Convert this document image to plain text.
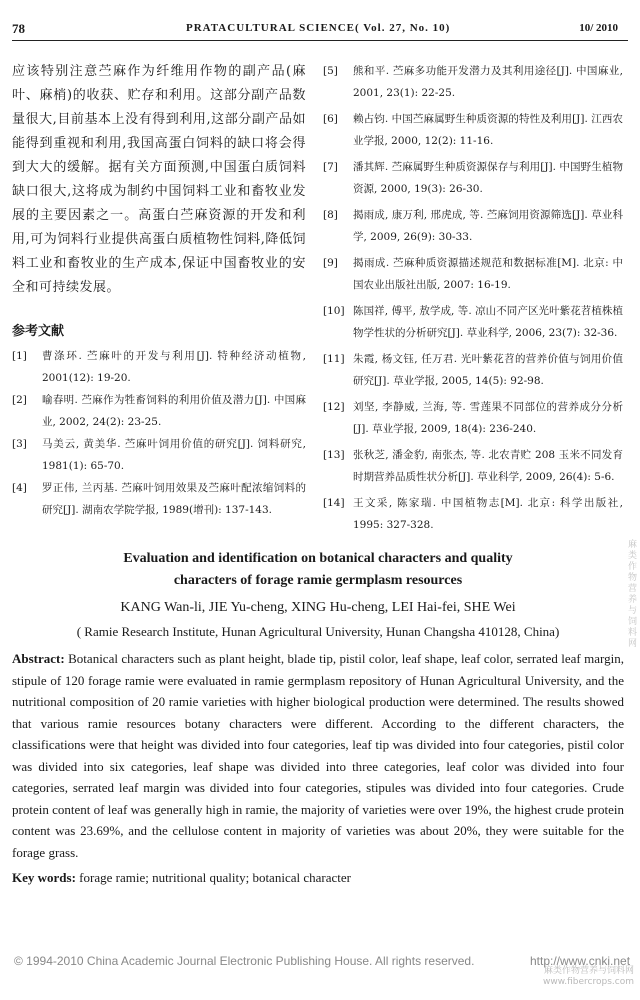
78	PRATACULTURAL SCIENCE( Vol. 27, No. 10)	10/ 2010
应该特别注意苎麻作为纤维用作物的副产品(麻叶、麻梢)的收获、贮存和利用。这部分副产品数量很大,目前基本上没有得到利用,这部分副产品如能得到重视和利用,我国高蛋白饲料的缺口将会得到大大的缓解。据有关方面预测,中国蛋白质饲料缺口很大,这将成为制约中国饲料工业和畜牧业发展的主要因素之一。高蛋白苎麻资源的开发和利用,可为饲料行业提供高蛋白质植物性饲料,降低饲料工业和畜牧业的生产成本,保证中国畜牧业的安全和可持续发展。
参考文献
[1] 曹涤环. 苎麻叶的开发与利用[J]. 特种经济动植物, 2001(12): 19-20.
[2] 喻春明. 苎麻作为牲畜饲料的利用价值及潜力[J]. 中国麻业, 2002, 24(2): 23-25.
[3] 马美云, 黄美华. 苎麻叶饲用价值的研究[J]. 饲料研究, 1981(1): 65-70.
[4] 罗正伟, 兰丙基. 苎麻叶饲用效果及苎麻叶配浓缩饲料的研究[J]. 湖南农学院学报, 1989(增刊): 137-143.
[5] 熊和平. 苎麻多功能开发潜力及其利用途径[J]. 中国麻业, 2001, 23(1): 22-25.
[6] 赖占钧. 中国苎麻属野生种质资源的特性及利用[J]. 江西农业学报, 2000, 12(2): 11-16.
[7] 潘其辉. 苎麻属野生种质资源保存与利用[J]. 中国野生植物资源, 2000, 19(3): 26-30.
[8] 揭雨成, 康万利, 邢虎成, 等. 苎麻饲用资源筛选[J]. 草业科学, 2009, 26(9): 30-33.
[9] 揭雨成. 苎麻种质资源描述规范和数据标准[M]. 北京: 中国农业出版社出版, 2007: 16-19.
[10] 陈国祥, 傅平, 敖学成, 等. 凉山不同产区光叶紫花苕植株植物学性状的分析研究[J]. 草业科学, 2006, 23(7): 32-36.
[11] 朱霞, 杨文钰, 任万君. 光叶紫花苕的营养价值与饲用价值研究[J]. 草业学报, 2005, 14(5): 92-98.
[12] 刘坚, 李静威, 兰海, 等. 雪莲果不同部位的营养成分分析[J]. 草业学报, 2009, 18(4): 236-240.
[13] 张秋芝, 潘金豹, 南张杰, 等. 北农青贮 208 玉米不同发育时期营养品质性状分析[J]. 草业科学, 2009, 26(4): 5-6.
[14] 王文采, 陈家瑞. 中国植物志[M]. 北京: 科学出版社, 1995: 327-328.
Evaluation and identification on botanical characters and quality
characters of forage ramie germplasm resources
KANG Wan-li, JIE Yu-cheng, XING Hu-cheng, LEI Hai-fei, SHE Wei
( Ramie Research Institute, Hunan Agricultural University, Hunan Changsha 410128, China)
Abstract: Botanical characters such as plant height, blade tip, pistil color, leaf shape, leaf color, serrated leaf margin, stipule of 120 forage ramie were evaluated in ramie germplasm repository of Hunan Agricultural University, and the nutritional composition of 20 ramie varieties with higher biological production were determined. The results showed that various ramie resources botany characters were different. According to the different characters, the classifications were that height was divided into four categories, leaf tip was divided into four categories, pistil color was divided into six categories, leaf shape was divided into three categories, leaf color was divided into four categories, serrated leaf margin was divided into four categories, stipules was divided into four categories. Crude protein content of leaf was generally high in ramie, the majority of varieties were over 19%, the highest crude protein content was 23.69%, and the cellulose content in majority of varieties was about 20%, they were suitable for the forage grass.
Key words: forage ramie; nutritional quality; botanical character
© 1994-2010 China Academic Journal Electronic Publishing House. All rights reserved.	http://www.cnki.net
麻类作物营养与饲料网
www.fibercrops.com
麻类作物营养与饲料网
